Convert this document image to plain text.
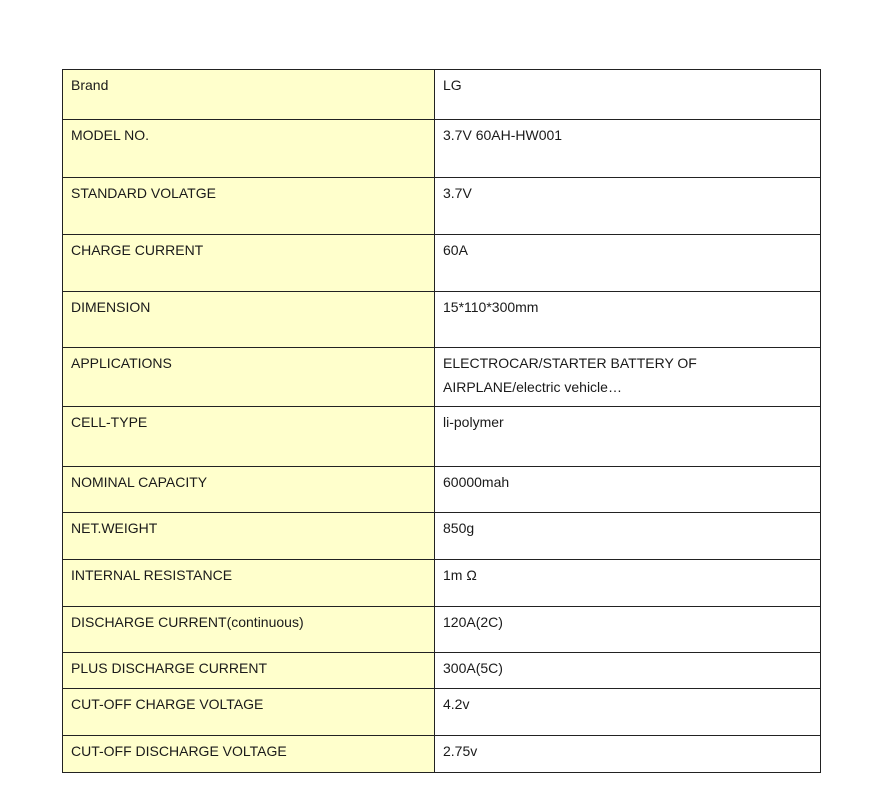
Brand	LG
MODEL NO.	3.7V 60AH-HW001
STANDARD VOLATGE	3.7V
CHARGE CURRENT	60A
DIMENSION	15*110*300mm
APPLICATIONS	ELECTROCAR/STARTER BATTERY OF AIRPLANE/electric vehicle…
CELL-TYPE	li-polymer
NOMINAL CAPACITY	60000mah
NET.WEIGHT	850g
INTERNAL RESISTANCE	1m Ω
DISCHARGE CURRENT(continuous)	120A(2C)
PLUS DISCHARGE CURRENT	300A(5C)
CUT-OFF CHARGE VOLTAGE	4.2v
CUT-OFF DISCHARGE VOLTAGE	2.75v
